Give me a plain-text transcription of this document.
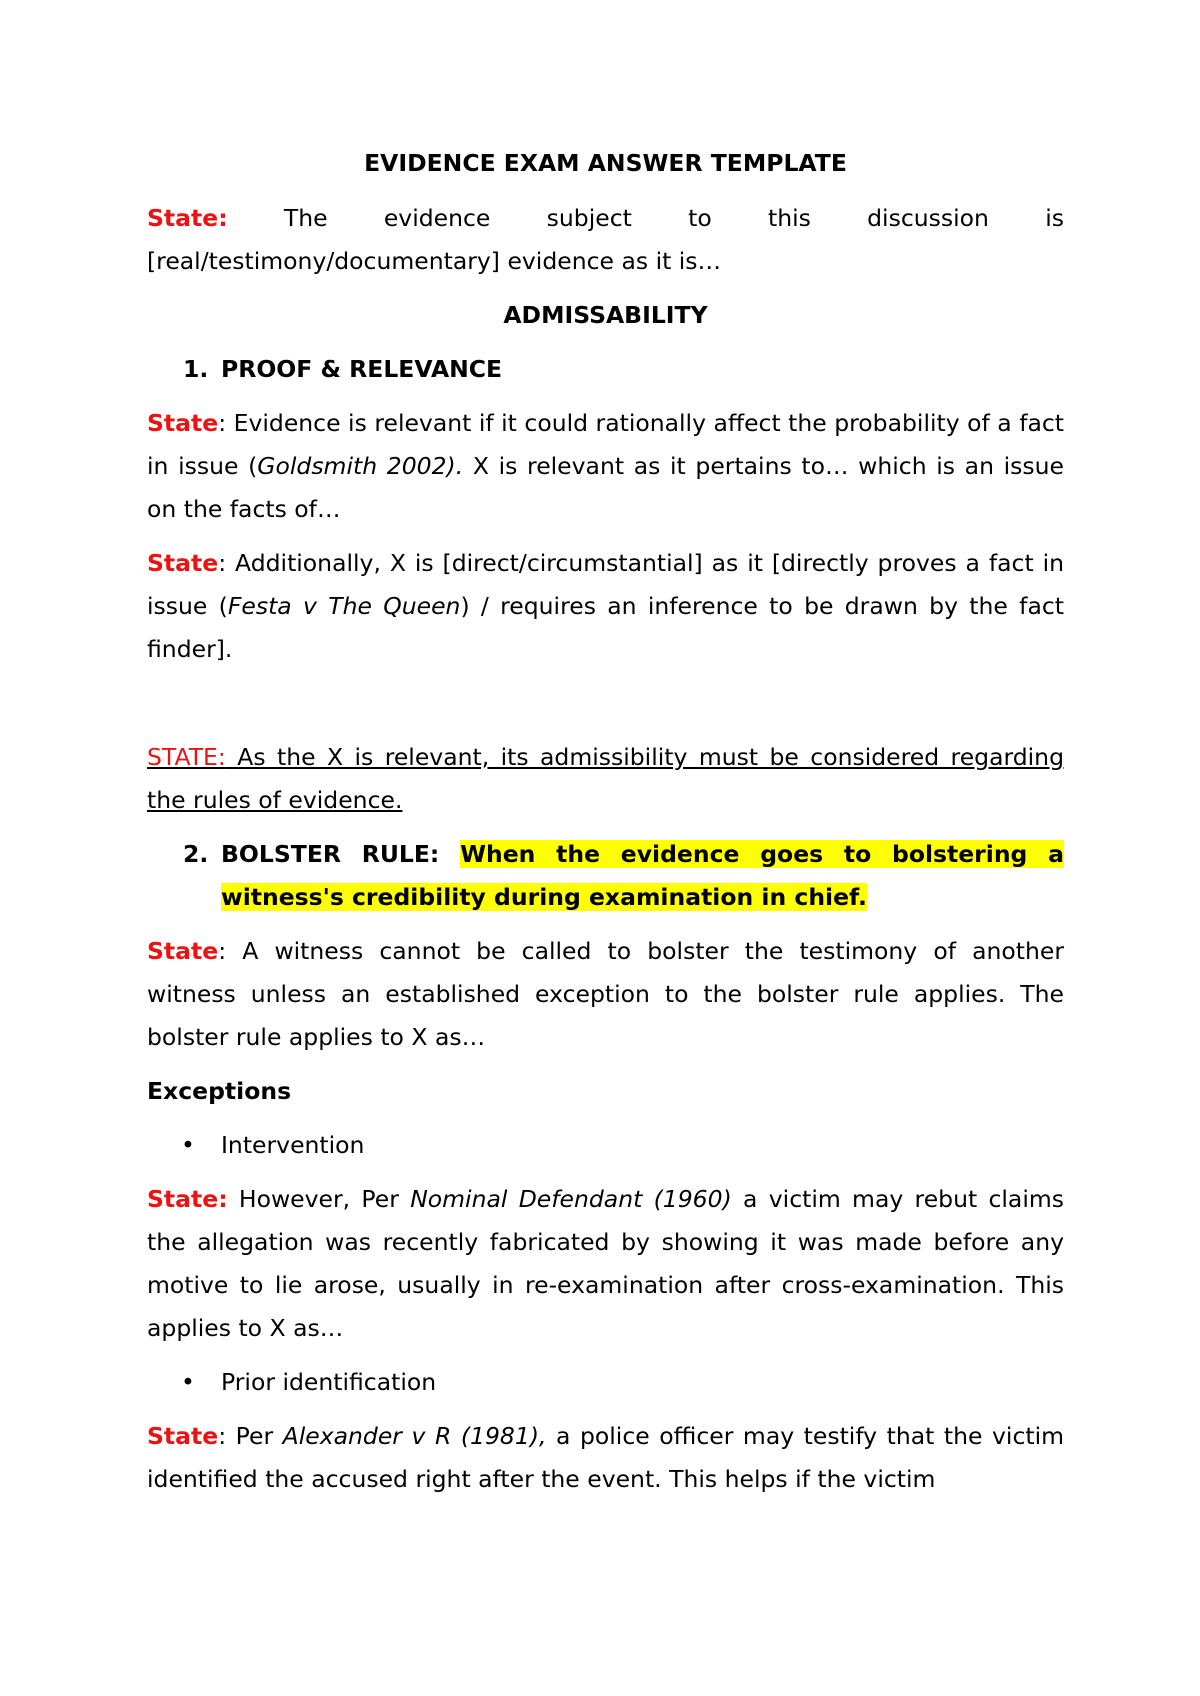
EVIDENCE EXAM ANSWER TEMPLATE

State: The evidence subject to this discussion is [real/testimony/documentary] evidence as it is…

ADMISSABILITY

1. PROOF & RELEVANCE

State: Evidence is relevant if it could rationally affect the probability of a fact in issue (Goldsmith 2002). X is relevant as it pertains to… which is an issue on the facts of…

State: Additionally, X is [direct/circumstantial] as it [directly proves a fact in issue (Festa v The Queen) / requires an inference to be drawn by the fact finder].

STATE: As the X is relevant, its admissibility must be considered regarding the rules of evidence.

2. BOLSTER RULE: When the evidence goes to bolstering a witness's credibility during examination in chief.

State: A witness cannot be called to bolster the testimony of another witness unless an established exception to the bolster rule applies. The bolster rule applies to X as…

Exceptions

•	Intervention

State: However, Per Nominal Defendant (1960) a victim may rebut claims the allegation was recently fabricated by showing it was made before any motive to lie arose, usually in re-examination after cross-examination. This applies to X as…

•	Prior identification

State: Per Alexander v R (1981), a police officer may testify that the victim identified the accused right after the event. This helps if the victim
